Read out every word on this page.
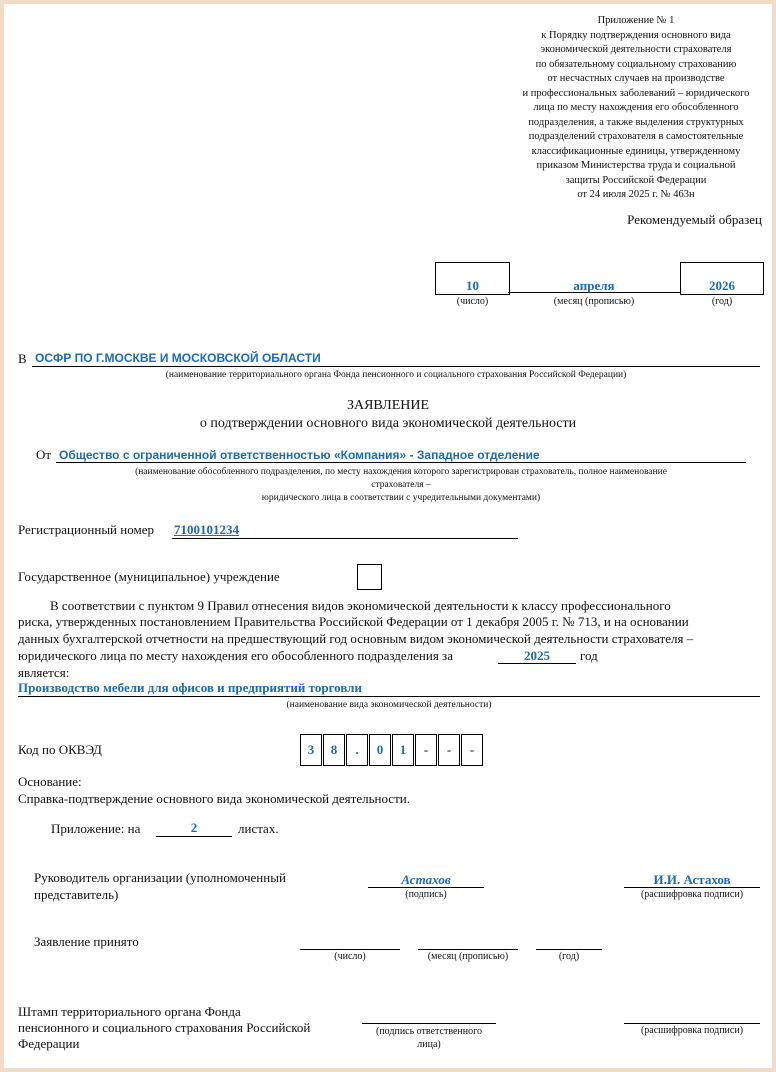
Приложение № 1
к Порядку подтверждения основного вида
экономической деятельности страхователя
по обязательному социальному страхованию
от несчастных случаев на производстве
и профессиональных заболеваний – юридического
лица по месту нахождения его обособленного
подразделения, а также выделения структурных
подразделений страхователя в самостоятельные
классификационные единицы, утвержденному
приказом Министерства труда и социальной
защиты Российской Федерации
от 24 июля 2025 г. № 463н
Рекомендуемый образец
10
(число)
апреля
(месяц (прописью)
2026
(год)
В ОСФР ПО Г.МОСКВЕ И МОСКОВСКОЙ ОБЛАСТИ
(наименование территориального органа Фонда пенсионного и социального страхования Российской Федерации)
ЗАЯВЛЕНИЕ
о подтверждении основного вида экономической деятельности
От Общество с ограниченной ответственностью «Компания» - Западное отделение
(наименование обособленного подразделения, по месту нахождения которого зарегистрирован страхователь, полное наименование
страхователя –
юридического лица в соответствии с учредительными документами)
Регистрационный номер 7100101234
Государственное (муниципальное) учреждение
В соответствии с пунктом 9 Правил отнесения видов экономической деятельности к классу профессионального
риска, утвержденных постановлением Правительства Российской Федерации от 1 декабря 2005 г. № 713, и на основании
данных бухгалтерской отчетности на предшествующий год основным видом экономической деятельности страхователя –
юридического лица по месту нахождения его обособленного подразделения за	2025	год
является:
Производство мебели для офисов и предприятий торговли
(наименование вида экономической деятельности)
Код по ОКВЭД	3	8	.	0	1	-	-	-
Основание:
Справка-подтверждение основного вида экономической деятельности.
Приложение: на	2	листах.
Руководитель организации (уполномоченный
представитель)
Астахов
(подпись)
И.И. Астахов
(расшифровка подписи)
Заявление принято
(число)	(месяц (прописью)	(год)
Штамп территориального органа Фонда
пенсионного и социального страхования Российской
Федерации
(подпись ответственного
лица)
(расшифровка подписи)
